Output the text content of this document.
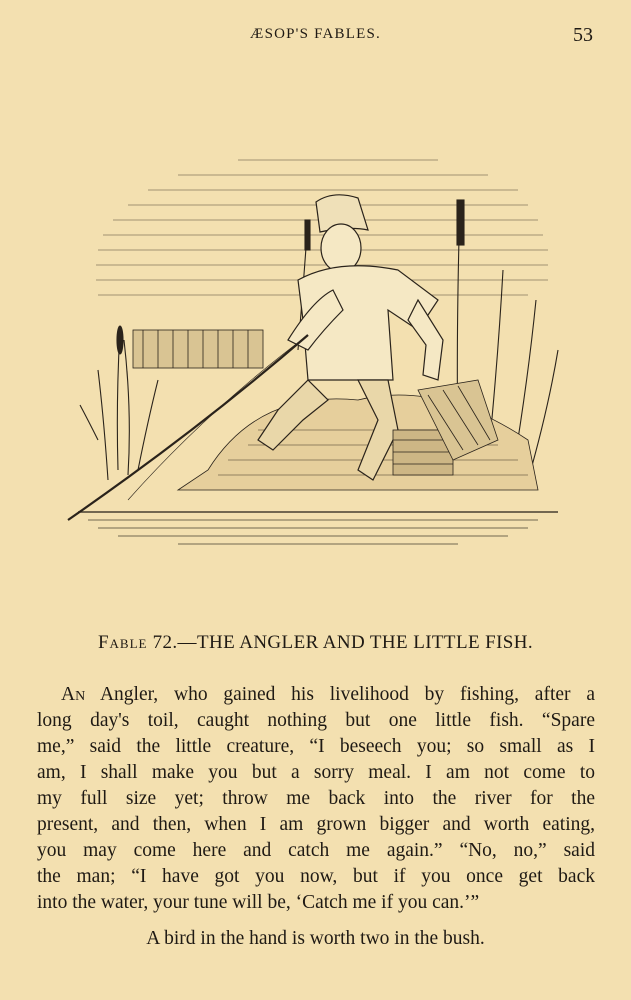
ÆSOP'S FABLES.	53
Fable 72.—THE ANGLER AND THE LITTLE FISH.
An Angler, who gained his livelihood by fishing, after a
long day's toil, caught nothing but one little fish. “Spare
me,” said the little creature, “I beseech you; so small as I
am, I shall make you but a sorry meal. I am not come to
my full size yet; throw me back into the river for the
present, and then, when I am grown bigger and worth eating,
you may come here and catch me again.” “No, no,” said
the man; “I have got you now, but if you once get back
into the water, your tune will be, ‘Catch me if you can.’”
A bird in the hand is worth two in the bush.
